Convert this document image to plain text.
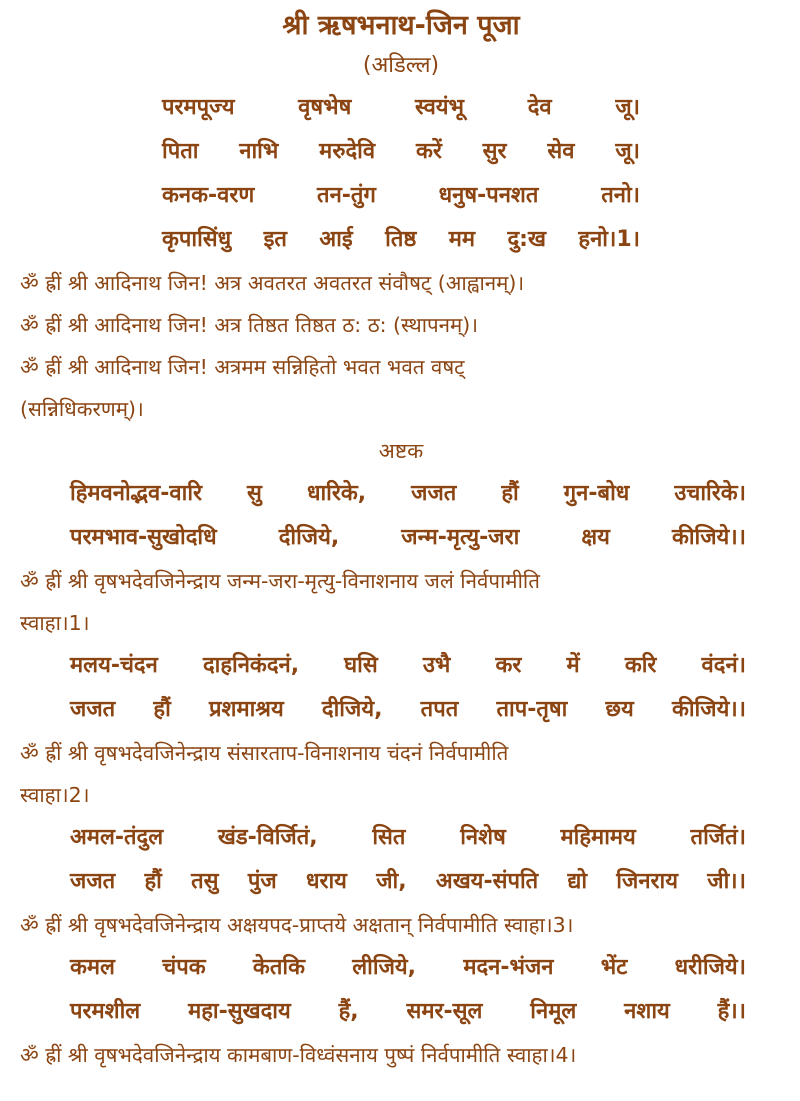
श्री ऋषभनाथ-जिन पूजा

(अडिल्ल)

परमपूज्य वृषभेष स्वयंभू देव जू।
पिता नाभि मरुदेवि करें सुर सेव जू।
कनक-वरण तन-तुंग धनुष-पनशत तनो।
कृपासिंधु इत आई तिष्ठ मम दु:ख हनो।1।

ॐ ह्रीं श्री आदिनाथ जिन! अत्र अवतरत अवतरत संवौषट् (आह्वानम्)।

ॐ ह्रीं श्री आदिनाथ जिन! अत्र तिष्ठत तिष्ठत ठ: ठ: (स्थापनम्)।

ॐ ह्रीं श्री आदिनाथ जिन! अत्रमम सन्निहितो भवत भवत वषट्
(सन्निधिकरणम्)।

अष्टक

हिमवनोद्भव-वारि सु धारिके, जजत हौं गुन-बोध उचारिके।
परमभाव-सुखोदधि दीजिये, जन्म-मृत्यु-जरा क्षय कीजिये।।
ॐ ह्रीं श्री वृषभदेवजिनेन्द्राय जन्म-जरा-मृत्यु-विनाशनाय जलं निर्वपामीति
स्वाहा।1।
मलय-चंदन दाहनिकंदनं, घसि उभै कर में करि वंदनं।
जजत हौं प्रशमाश्रय दीजिये, तपत ताप-तृषा छय कीजिये।।
ॐ ह्रीं श्री वृषभदेवजिनेन्द्राय संसारताप-विनाशनाय चंदनं निर्वपामीति
स्वाहा।2।
अमल-तंदुल खंड-विर्जितं, सित निशेष महिमामय तर्जितं।
जजत हौं तसु पुंज धराय जी, अखय-संपति द्यो जिनराय जी।।

ॐ ह्रीं श्री वृषभदेवजिनेन्द्राय अक्षयपद-प्राप्तये अक्षतान् निर्वपामीति स्वाहा।3।

कमल चंपक केतकि लीजिये, मदन-भंजन भेंट धरीजिये।
परमशील महा-सुखदाय हैं, समर-सूल निमूल नशाय हैं।।

ॐ ह्रीं श्री वृषभदेवजिनेन्द्राय कामबाण-विध्वंसनाय पुष्पं निर्वपामीति स्वाहा।4।
